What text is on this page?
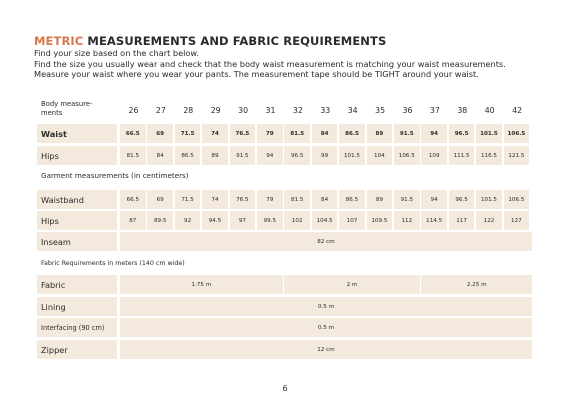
METRIC MEASUREMENTS AND FABRIC REQUIREMENTS
Find your size based on the chart below.
Find the size you usually wear and check that the body waist measurement is matching your waist measurements.
Measure your waist where you wear your pants. The measurement tape should be TIGHT around your waist.
Body measure-ments	26	27	28	29	30	31	32	33	34	35	36	37	38	40	42
Waist	66.5	69	71.5	74	76.5	79	81.5	84	86.5	89	91.5	94	96.5	101.5	106.5
Hips	81.5	84	86.5	89	91.5	94	96.5	99	101.5	104	106.5	109	111.5	116.5	121.5
Waistband	66.5	69	71.5	74	76.5	79	81.5	84	86.5	89	91.5	94	96.5	101.5	106.5
Hips	87	89.5	92	94.5	97	99.5	102	104.5	107	109.5	112	114.5	117	122	127
Inseam	82 cm
Fabric	1.75 m	2 m	2.25 m
Lining	0.5 m
Interfacing (90 cm)	0.5 m
Zipper	12 cm
Garment measurements (in centimeters)
Fabric Requirements in meters (140 cm wide)
6
